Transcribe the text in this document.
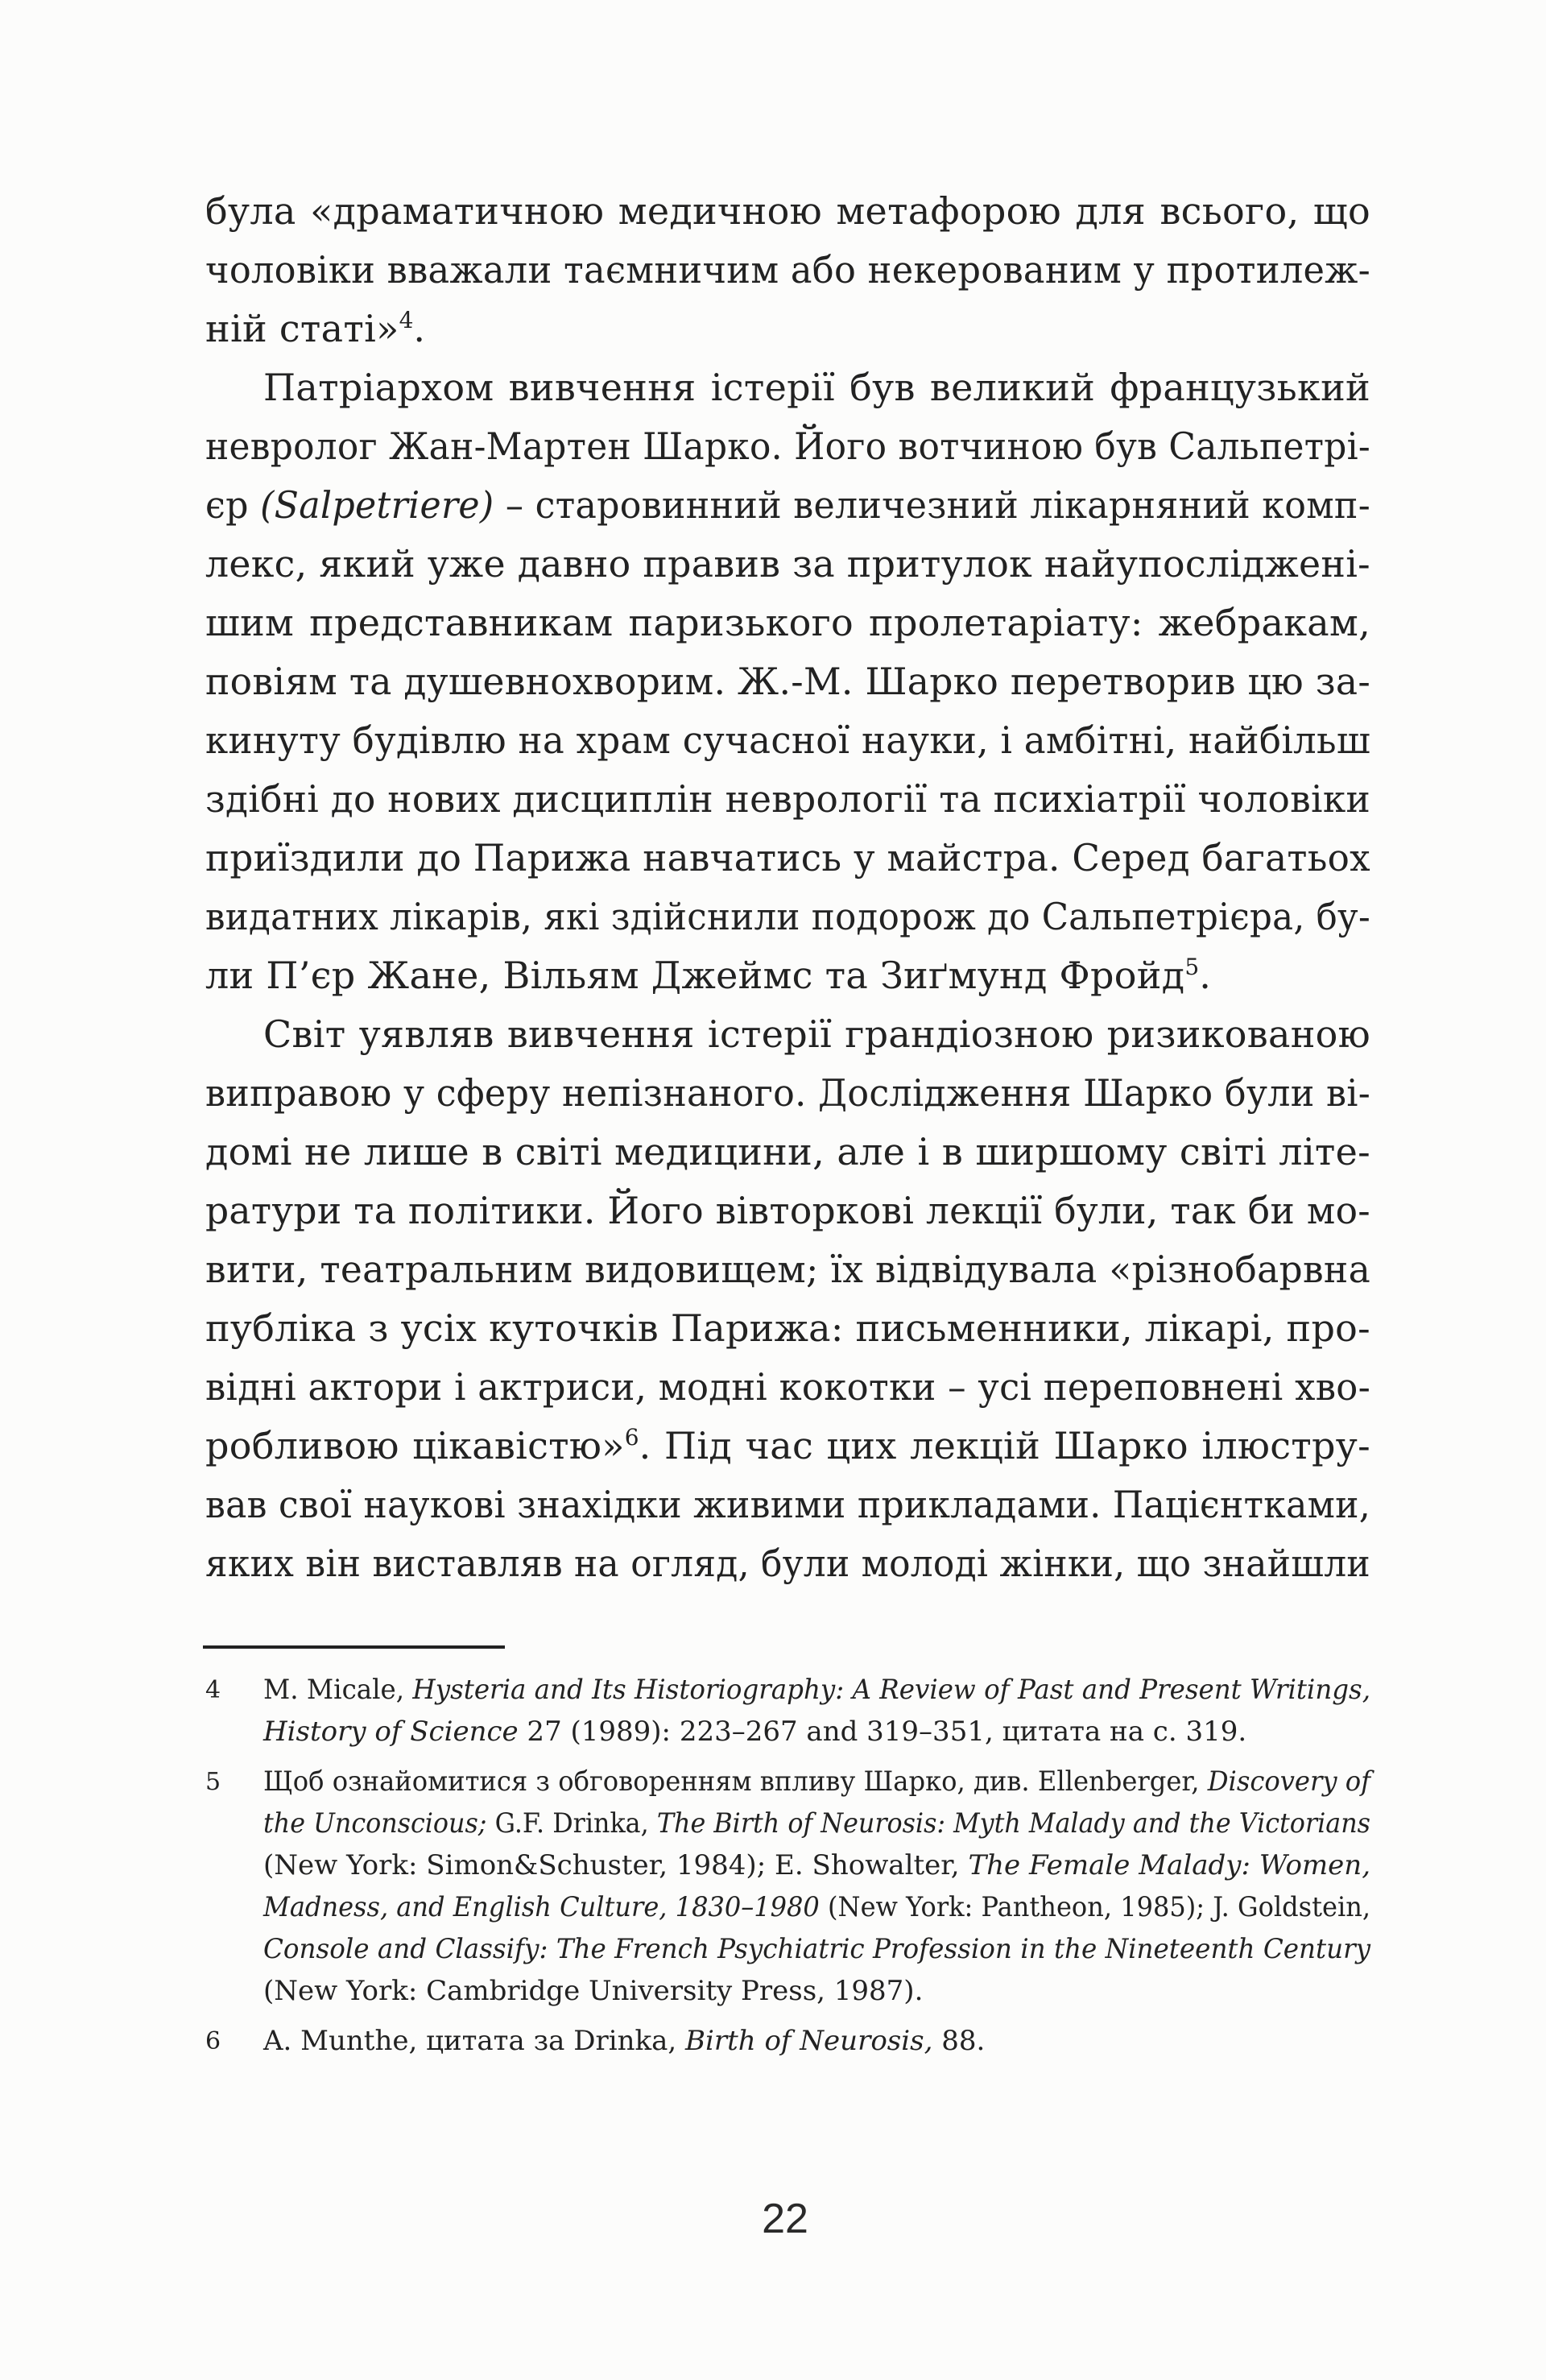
була «драматичною медичною метафорою для всього, що
чоловіки вважали таємничим або некерованим у протилеж-
ній статі»$^4$.
Патріархом вивчення істерії був великий французький
невролог Жан-Мартен Шарко. Його вотчиною був Сальпетрі-
єр (Salpetriere) – старовинний величезний лікарняний комп-
лекс, який уже давно правив за притулок найупосліджені-
шим представникам паризького пролетаріату: жебракам,
повіям та душевнохворим. Ж.-М. Шарко перетворив цю за-
кинуту будівлю на храм сучасної науки, і амбітні, найбільш
здібні до нових дисциплін неврології та психіатрії чоловіки
приїздили до Парижа навчатись у майстра. Серед багатьох
видатних лікарів, які здійснили подорож до Сальпетрієра, бу-
ли П’єр Жане, Вільям Джеймс та Зиґмунд Фройд$^5$.
Світ уявляв вивчення істерії грандіозною ризикованою
виправою у сферу непізнаного. Дослідження Шарко були ві-
домі не лише в світі медицини, але і в ширшому світі літе-
ратури та політики. Його вівторкові лекції були, так би мо-
вити, театральним видовищем; їх відвідувала «різнобарвна
публіка з усіх куточків Парижа: письменники, лікарі, про-
відні актори і актриси, модні кокотки – усі переповнені хво-
робливою цікавістю»$^6$. Під час цих лекцій Шарко ілюстру-
вав свої наукові знахідки живими прикладами. Пацієнтками,
яких він виставляв на огляд, були молоді жінки, що знайшли
4 M. Micale, Hysteria and Its Historiography: A Review of Past and Present Writings,
History of Science 27 (1989): 223–267 and 319–351, цитата на с. 319.
5 Щоб ознайомитися з обговоренням впливу Шарко, див. Ellenberger, Discovery of
the Unconscious; G.F. Drinka, The Birth of Neurosis: Myth Malady and the Victorians
(New York: Simon&Schuster, 1984); E. Showalter, The Female Malady: Women,
Madness, and English Culture, 1830–1980 (New York: Pantheon, 1985); J. Goldstein,
Console and Classify: The French Psychiatric Profession in the Nineteenth Century
(New York: Cambridge University Press, 1987).
6 A. Munthe, цитата за Drinka, Birth of Neurosis, 88.
22
